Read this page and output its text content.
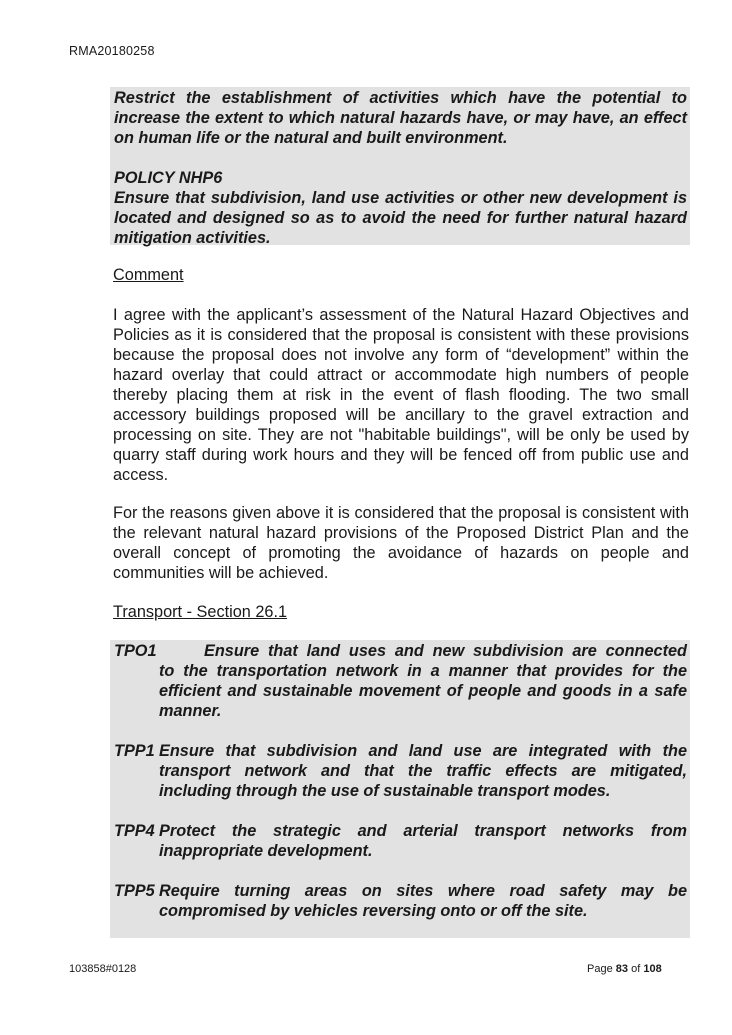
RMA20180258

Restrict the establishment of activities which have the potential to increase the extent to which natural hazards have, or may have, an effect on human life or the natural and built environment.

POLICY NHP6

Ensure that subdivision, land use activities or other new development is located and designed so as to avoid the need for further natural hazard mitigation activities.

Comment

I agree with the applicant’s assessment of the Natural Hazard Objectives and Policies as it is considered that the proposal is consistent with these provisions because the proposal does not involve any form of “development” within the hazard overlay that could attract or accommodate high numbers of people thereby placing them at risk in the event of flash flooding. The two small accessory buildings proposed will be ancillary to the gravel extraction and processing on site. They are not "habitable buildings", will be only be used by quarry staff during work hours and they will be fenced off from public use and access.

For the reasons given above it is considered that the proposal is consistent with the relevant natural hazard provisions of the Proposed District Plan and the overall concept of promoting the avoidance of hazards on people and communities will be achieved.

Transport - Section 26.1
TPO1	Ensure that land uses and new subdivision are connected
to the transportation network in a manner that provides for the efficient and sustainable movement of people and goods in a safe manner.
TPP1 Ensure that subdivision and land use are integrated with the transport network and that the traffic effects are mitigated, including through the use of sustainable transport modes.
TPP4 Protect the strategic and arterial transport networks from inappropriate development.
TPP5 Require turning areas on sites where road safety may be compromised by vehicles reversing onto or off the site.
103858#0128	Page 83 of 108
